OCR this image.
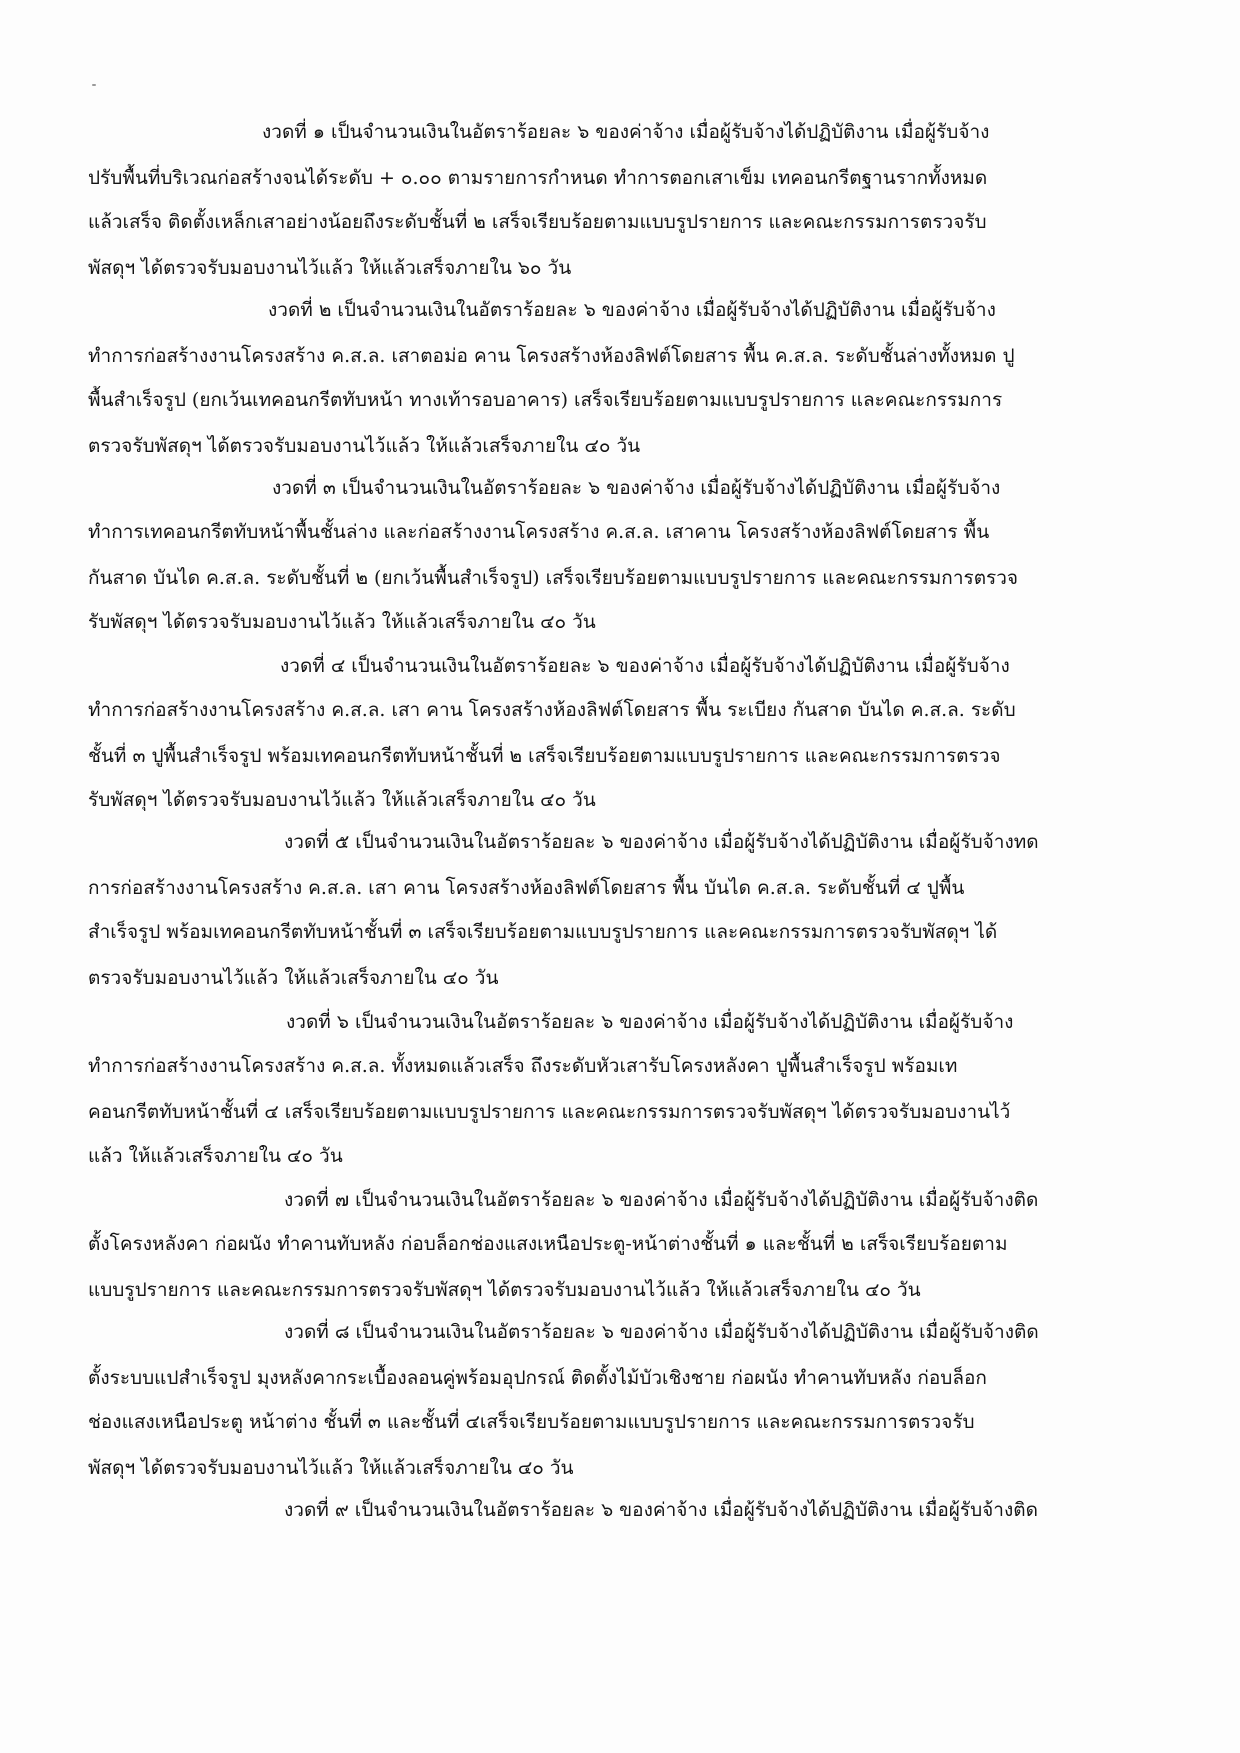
งวดที่ ๑ เป็นจำนวนเงินในอัตราร้อยละ ๖ ของค่าจ้าง เมื่อผู้รับจ้างได้ปฏิบัติงาน เมื่อผู้รับจ้าง
ปรับพื้นที่บริเวณก่อสร้างจนได้ระดับ + ๐.๐๐ ตามรายการกำหนด ทำการตอกเสาเข็ม เทคอนกรีตฐานรากทั้งหมด
แล้วเสร็จ ติดตั้งเหล็กเสาอย่างน้อยถึงระดับชั้นที่ ๒ เสร็จเรียบร้อยตามแบบรูปรายการ และคณะกรรมการตรวจรับ
พัสดุฯ ได้ตรวจรับมอบงานไว้แล้ว ให้แล้วเสร็จภายใน ๖๐ วัน
งวดที่ ๒ เป็นจำนวนเงินในอัตราร้อยละ ๖ ของค่าจ้าง เมื่อผู้รับจ้างได้ปฏิบัติงาน เมื่อผู้รับจ้าง
ทำการก่อสร้างงานโครงสร้าง ค.ส.ล. เสาตอม่อ คาน โครงสร้างห้องลิฟต์โดยสาร พื้น ค.ส.ล. ระดับชั้นล่างทั้งหมด ปู
พื้นสำเร็จรูป (ยกเว้นเทคอนกรีตทับหน้า ทางเท้ารอบอาคาร) เสร็จเรียบร้อยตามแบบรูปรายการ และคณะกรรมการ
ตรวจรับพัสดุฯ ได้ตรวจรับมอบงานไว้แล้ว ให้แล้วเสร็จภายใน ๔๐ วัน
งวดที่ ๓ เป็นจำนวนเงินในอัตราร้อยละ ๖ ของค่าจ้าง เมื่อผู้รับจ้างได้ปฏิบัติงาน เมื่อผู้รับจ้าง
ทำการเทคอนกรีตทับหน้าพื้นชั้นล่าง และก่อสร้างงานโครงสร้าง ค.ส.ล. เสาคาน โครงสร้างห้องลิฟต์โดยสาร พื้น
กันสาด บันได ค.ส.ล. ระดับชั้นที่ ๒ (ยกเว้นพื้นสำเร็จรูป) เสร็จเรียบร้อยตามแบบรูปรายการ และคณะกรรมการตรวจ
รับพัสดุฯ ได้ตรวจรับมอบงานไว้แล้ว ให้แล้วเสร็จภายใน ๔๐ วัน
งวดที่ ๔ เป็นจำนวนเงินในอัตราร้อยละ ๖ ของค่าจ้าง เมื่อผู้รับจ้างได้ปฏิบัติงาน เมื่อผู้รับจ้าง
ทำการก่อสร้างงานโครงสร้าง ค.ส.ล. เสา คาน โครงสร้างห้องลิฟต์โดยสาร พื้น ระเบียง กันสาด บันได ค.ส.ล. ระดับ
ชั้นที่ ๓ ปูพื้นสำเร็จรูป พร้อมเทคอนกรีตทับหน้าชั้นที่ ๒ เสร็จเรียบร้อยตามแบบรูปรายการ และคณะกรรมการตรวจ
รับพัสดุฯ ได้ตรวจรับมอบงานไว้แล้ว ให้แล้วเสร็จภายใน ๔๐ วัน
งวดที่ ๕ เป็นจำนวนเงินในอัตราร้อยละ ๖ ของค่าจ้าง เมื่อผู้รับจ้างได้ปฏิบัติงาน เมื่อผู้รับจ้างทด
การก่อสร้างงานโครงสร้าง ค.ส.ล. เสา คาน โครงสร้างห้องลิฟต์โดยสาร พื้น บันได ค.ส.ล. ระดับชั้นที่ ๔ ปูพื้น
สำเร็จรูป พร้อมเทคอนกรีตทับหน้าชั้นที่ ๓ เสร็จเรียบร้อยตามแบบรูปรายการ และคณะกรรมการตรวจรับพัสดุฯ ได้
ตรวจรับมอบงานไว้แล้ว ให้แล้วเสร็จภายใน ๔๐ วัน
งวดที่ ๖ เป็นจำนวนเงินในอัตราร้อยละ ๖ ของค่าจ้าง เมื่อผู้รับจ้างได้ปฏิบัติงาน เมื่อผู้รับจ้าง
ทำการก่อสร้างงานโครงสร้าง ค.ส.ล. ทั้งหมดแล้วเสร็จ ถึงระดับหัวเสารับโครงหลังคา ปูพื้นสำเร็จรูป พร้อมเท
คอนกรีตทับหน้าชั้นที่ ๔ เสร็จเรียบร้อยตามแบบรูปรายการ และคณะกรรมการตรวจรับพัสดุฯ ได้ตรวจรับมอบงานไว้
แล้ว ให้แล้วเสร็จภายใน ๔๐ วัน
งวดที่ ๗ เป็นจำนวนเงินในอัตราร้อยละ ๖ ของค่าจ้าง เมื่อผู้รับจ้างได้ปฏิบัติงาน เมื่อผู้รับจ้างติด
ตั้งโครงหลังคา ก่อผนัง ทำคานทับหลัง ก่อบล็อกช่องแสงเหนือประตู-หน้าต่างชั้นที่ ๑ และชั้นที่ ๒ เสร็จเรียบร้อยตาม
แบบรูปรายการ และคณะกรรมการตรวจรับพัสดุฯ ได้ตรวจรับมอบงานไว้แล้ว ให้แล้วเสร็จภายใน ๔๐ วัน
งวดที่ ๘ เป็นจำนวนเงินในอัตราร้อยละ ๖ ของค่าจ้าง เมื่อผู้รับจ้างได้ปฏิบัติงาน เมื่อผู้รับจ้างติด
ตั้งระบบแปสำเร็จรูป มุงหลังคากระเบื้องลอนคู่พร้อมอุปกรณ์ ติดตั้งไม้บัวเชิงชาย ก่อผนัง ทำคานทับหลัง ก่อบล็อก
ช่องแสงเหนือประตู หน้าต่าง ชั้นที่ ๓ และชั้นที่ ๔เสร็จเรียบร้อยตามแบบรูปรายการ และคณะกรรมการตรวจรับ
พัสดุฯ ได้ตรวจรับมอบงานไว้แล้ว ให้แล้วเสร็จภายใน ๔๐ วัน
งวดที่ ๙ เป็นจำนวนเงินในอัตราร้อยละ ๖ ของค่าจ้าง เมื่อผู้รับจ้างได้ปฏิบัติงาน เมื่อผู้รับจ้างติด
